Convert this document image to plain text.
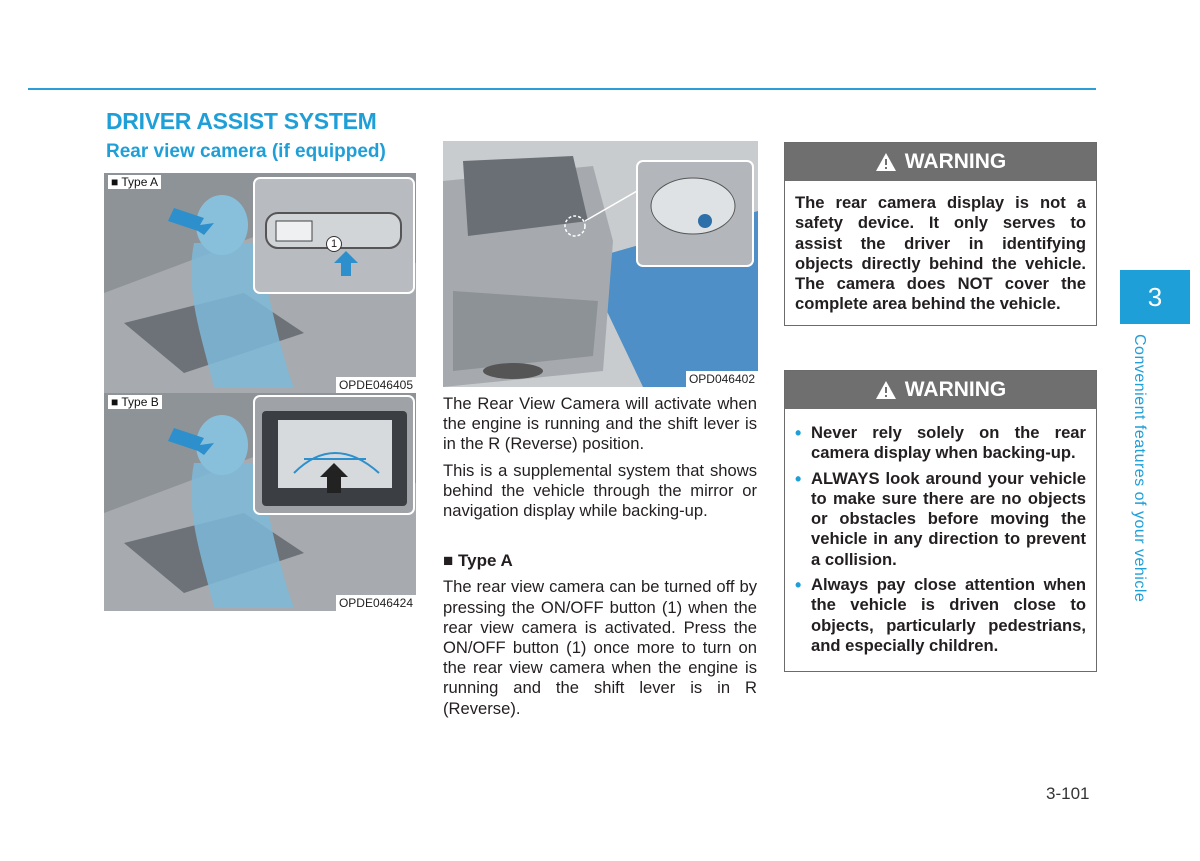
DRIVER ASSIST SYSTEM
Rear view camera (if equipped)
■ Type A
1
OPDE046405
■ Type B
OPDE046424
OPD046402

The Rear View Camera will activate when the engine is running and the shift lever is in the R (Reverse) position.

This is a supplemental system that shows behind the vehicle through the mirror or navigation display while backing-up.

■ Type A

The rear view camera can be turned off by pressing the ON/OFF button (1) when the rear view camera is activated. Press the ON/OFF button (1) once more to turn on the rear view camera when the engine is running and the shift lever is in R (Reverse).

WARNING
The rear camera display is not a safety device. It only serves to assist the driver in identifying objects directly behind the vehicle. The camera does NOT cover the complete area behind the vehicle.
WARNING
• Never rely solely on the rear camera display when backing-up.
• ALWAYS look around your vehicle to make sure there are no objects or obstacles before moving the vehicle in any direction to prevent a collision.
• Always pay close attention when the vehicle is driven close to objects, particularly pedestrians, and especially children.
3
Convenient features of your vehicle
3-101
